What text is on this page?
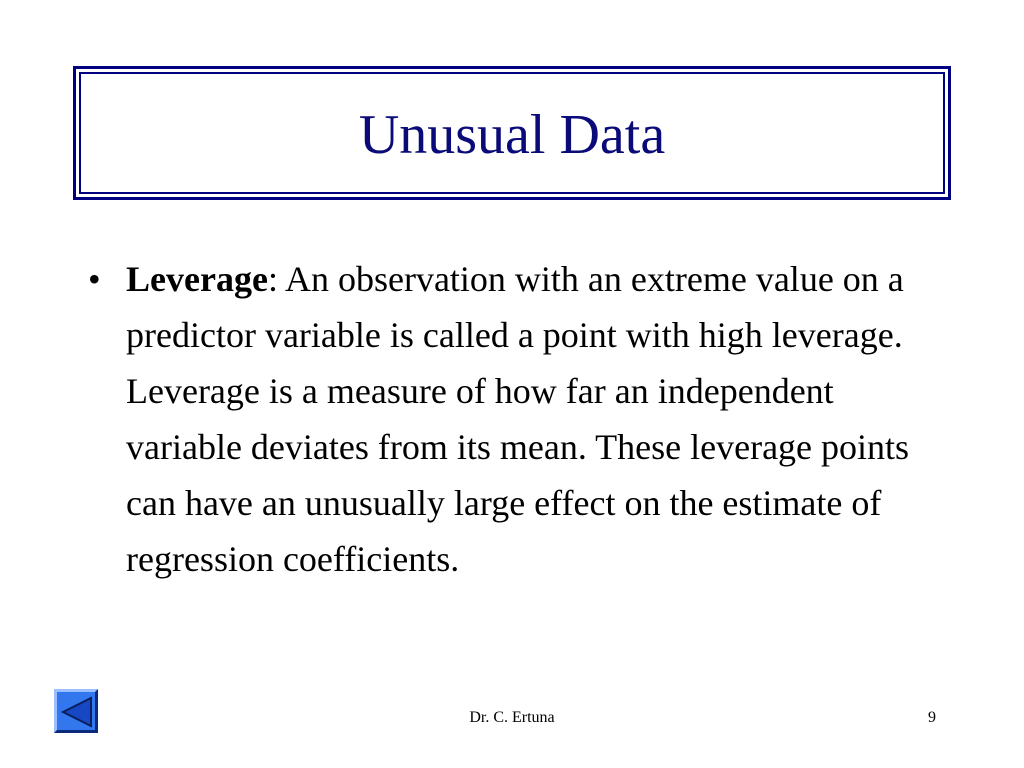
Unusual Data
• Leverage: An observation with an extreme value on a predictor variable is called a point with high leverage. Leverage is a measure of how far an independent variable deviates from its mean. These leverage points can have an unusually large effect on the estimate of regression coefficients.
Dr. C. Ertuna	9
